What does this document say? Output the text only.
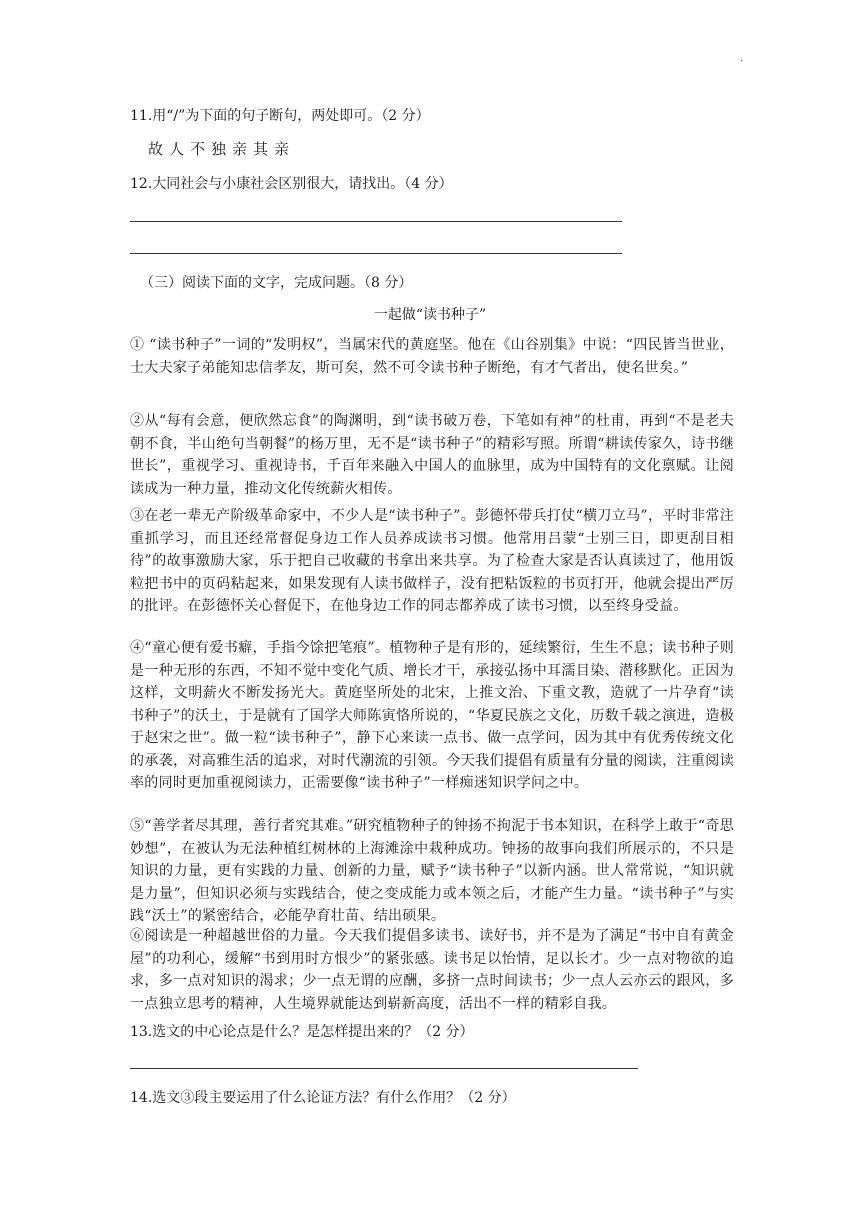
·
11.用“/”为下面的句子断句，两处即可。（2 分）
故人不独亲其亲
12.大同社会与小康社会区别很大，请找出。（4 分）
（三）阅读下面的文字，完成问题。（8 分）
一起做“读书种子”
① “读书种子”一词的“发明权”，当属宋代的黄庭坚。他在《山谷别集》中说：“四民皆当世业，士大夫家子弟能知忠信孝友，斯可矣，然不可令读书种子断绝，有才气者出，使名世矣。”
②从“每有会意，便欣然忘食”的陶渊明，到“读书破万卷，下笔如有神”的杜甫，再到“不是老夫朝不食，半山绝句当朝餐”的杨万里，无不是“读书种子”的精彩写照。所谓“耕读传家久，诗书继世长”，重视学习、重视诗书，千百年来融入中国人的血脉里，成为中国特有的文化禀赋。让阅读成为一种力量，推动文化传统薪火相传。
③在老一辈无产阶级革命家中，不少人是“读书种子”。彭德怀带兵打仗“横刀立马”，平时非常注重抓学习，而且还经常督促身边工作人员养成读书习惯。他常用吕蒙“士别三日，即更刮目相待”的故事激励大家，乐于把自己收藏的书拿出来共享。为了检查大家是否认真读过了，他用饭粒把书中的页码粘起来，如果发现有人读书做样子，没有把粘饭粒的书页打开，他就会提出严厉的批评。在彭德怀关心督促下，在他身边工作的同志都养成了读书习惯，以至终身受益。
④“童心便有爱书癖，手指今馀把笔痕”。植物种子是有形的，延续繁衍，生生不息；读书种子则是一种无形的东西，不知不觉中变化气质、增长才干，承接弘扬中耳濡目染、潜移默化。正因为这样，文明薪火不断发扬光大。黄庭坚所处的北宋，上推文治、下重文教，造就了一片孕育“读书种子”的沃土，于是就有了国学大师陈寅恪所说的，“华夏民族之文化，历数千载之演进，造极于赵宋之世”。做一粒“读书种子”，静下心来读一点书、做一点学问，因为其中有优秀传统文化的承袭，对高雅生活的追求，对时代潮流的引领。今天我们提倡有质量有分量的阅读，注重阅读率的同时更加重视阅读力，正需要像“读书种子”一样痴迷知识学问之中。
⑤“善学者尽其理，善行者究其难。”研究植物种子的钟扬不拘泥于书本知识，在科学上敢于“奇思妙想”，在被认为无法种植红树林的上海滩涂中栽种成功。钟扬的故事向我们所展示的，不只是知识的力量，更有实践的力量、创新的力量，赋予“读书种子”以新内涵。世人常常说，“知识就是力量”，但知识必须与实践结合，使之变成能力或本领之后，才能产生力量。“读书种子”与实践“沃土”的紧密结合，必能孕育壮苗、结出硕果。
⑥阅读是一种超越世俗的力量。今天我们提倡多读书、读好书，并不是为了满足“书中自有黄金屋”的功利心，缓解“书到用时方恨少”的紧张感。读书足以怡情，足以长才。少一点对物欲的追求，多一点对知识的渴求；少一点无谓的应酬，多挤一点时间读书；少一点人云亦云的跟风，多一点独立思考的精神，人生境界就能达到崭新高度，活出不一样的精彩自我。
13.选文的中心论点是什么？是怎样提出来的？（2 分）
14.选文③段主要运用了什么论证方法？有什么作用？（2 分）
